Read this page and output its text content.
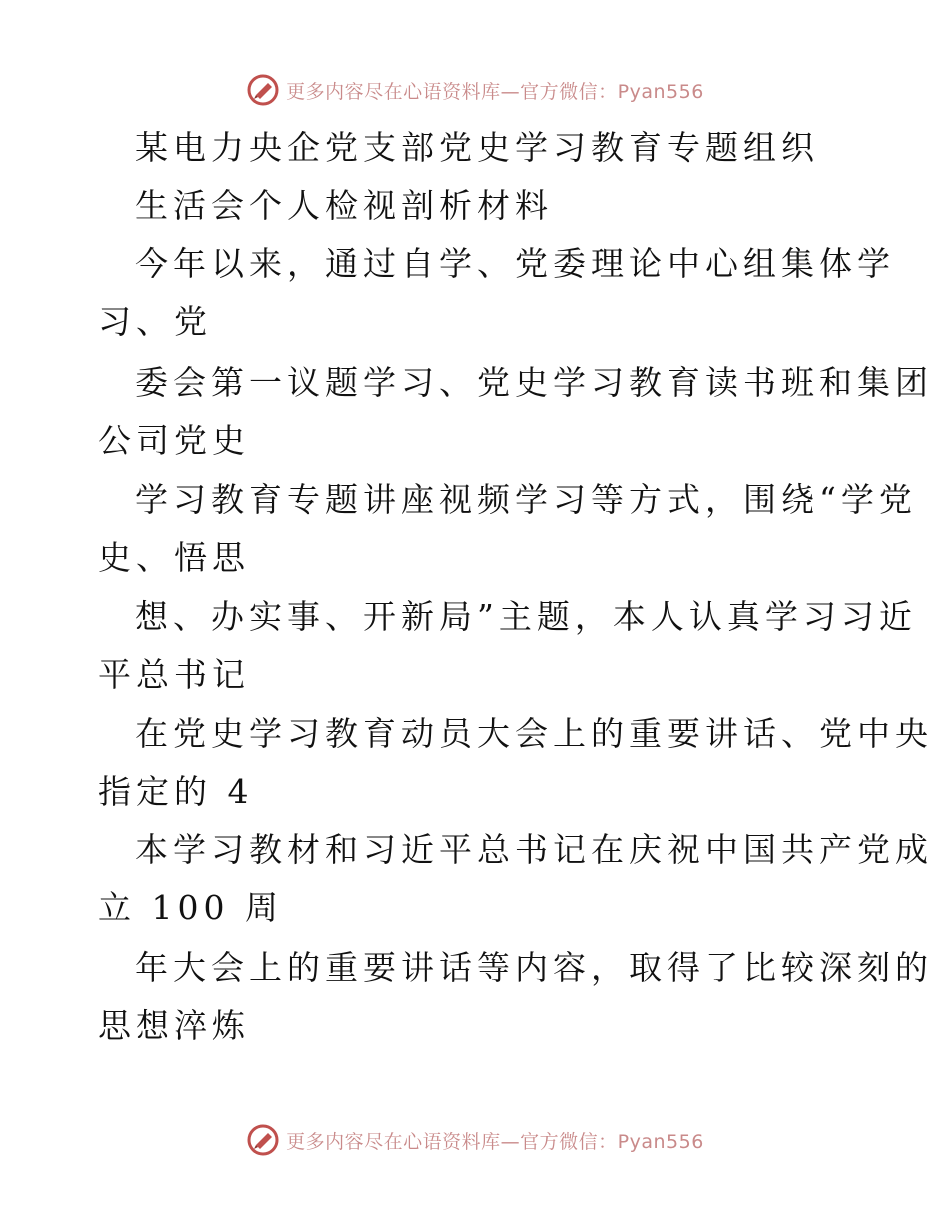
更多内容尽在心语资料库—官方微信：Pyan556
某电力央企党支部党史学习教育专题组织
生活会个人检视剖析材料
今年以来，通过自学、党委理论中心组集体学
习、党
委会第一议题学习、党史学习教育读书班和集团
公司党史
学习教育专题讲座视频学习等方式，围绕“学党
史、悟思
想、办实事、开新局”主题，本人认真学习习近
平总书记
在党史学习教育动员大会上的重要讲话、党中央
指定的 4
本学习教材和习近平总书记在庆祝中国共产党成
立 100 周
年大会上的重要讲话等内容，取得了比较深刻的
思想淬炼
更多内容尽在心语资料库—官方微信：Pyan556
